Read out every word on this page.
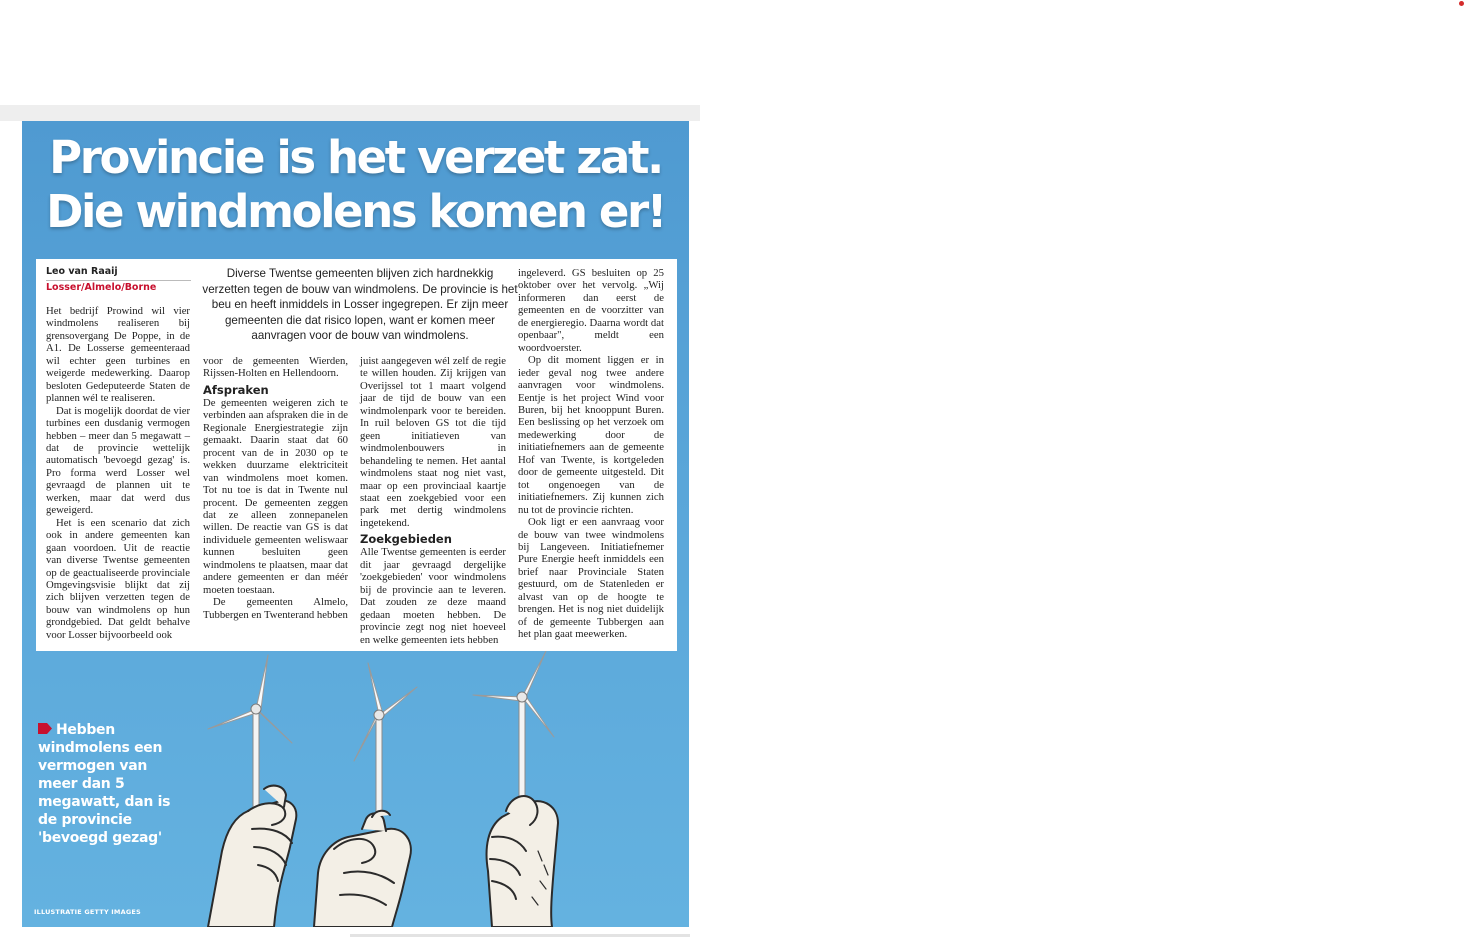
Provincie is het verzet zat.
Die windmolens komen er!
Leo van Raaij
Losser/Almelo/Borne
Diverse Twentse gemeenten blijven zich hardnekkig verzetten tegen de bouw van windmolens. De provincie is het beu en heeft inmiddels in Losser ingegrepen. Er zijn meer gemeenten die dat risico lopen, want er komen meer aanvragen voor de bouw van windmolens.

Het bedrijf Prowind wil vier windmolens realiseren bij grensovergang De Poppe, in de A1. De Losserse gemeenteraad wil echter geen turbines en weigerde medewerking. Daarop besloten Gedeputeerde Staten de plannen wél te realiseren.

Dat is mogelijk doordat de vier turbines een dusdanig vermogen hebben – meer dan 5 megawatt – dat de provincie wettelijk automatisch 'bevoegd gezag' is. Pro forma werd Losser wel gevraagd de plannen uit te werken, maar dat werd dus geweigerd.

Het is een scenario dat zich ook in andere gemeenten kan gaan voordoen. Uit de reactie van diverse Twentse gemeenten op de geactualiseerde provinciale Omgevingsvisie blijkt dat zij zich blijven verzetten tegen de bouw van windmolens op hun grondgebied. Dat geldt behalve voor Losser bijvoorbeeld ook

voor de gemeenten Wierden, Rijssen-Holten en Hellendoorn.

Afspraken

De gemeenten weigeren zich te verbinden aan afspraken die in de Regionale Energiestrategie zijn gemaakt. Daarin staat dat 60 procent van de in 2030 op te wekken duurzame elektriciteit van windmolens moet komen. Tot nu toe is dat in Twente nul procent. De gemeenten zeggen dat ze alleen zonnepanelen willen. De reactie van GS is dat individuele gemeenten weliswaar kunnen besluiten geen windmolens te plaatsen, maar dat andere gemeenten er dan méér moeten toestaan.

De gemeenten Almelo, Tubbergen en Twenterand hebben

juist aangegeven wél zelf de regie te willen houden. Zij krijgen van Overijssel tot 1 maart volgend jaar de tijd de bouw van een windmolenpark voor te bereiden. In ruil beloven GS tot die tijd geen initiatieven van windmolenbouwers in behandeling te nemen. Het aantal windmolens staat nog niet vast, maar op een provinciaal kaartje staat een zoekgebied voor een park met dertig windmolens ingetekend.

Zoekgebieden

Alle Twentse gemeenten is eerder dit jaar gevraagd dergelijke 'zoekgebieden' voor windmolens bij de provincie aan te leveren. Dat zouden ze deze maand gedaan moeten hebben. De provincie zegt nog niet hoeveel en welke gemeenten iets hebben

ingeleverd. GS besluiten op 25 oktober over het vervolg. „Wij informeren dan eerst de gemeenten en de voorzitter van de energieregio. Daarna wordt dat openbaar", meldt een woordvoerster.

Op dit moment liggen er in ieder geval nog twee andere aanvragen voor windmolens. Eentje is het project Wind voor Buren, bij het knooppunt Buren. Een beslissing op het verzoek om medewerking door de initiatiefnemers aan de gemeente Hof van Twente, is kortgeleden door de gemeente uitgesteld. Dit tot ongenoegen van de initiatiefnemers. Zij kunnen zich nu tot de provincie richten.

Ook ligt er een aanvraag voor de bouw van twee windmolens bij Langeveen. Initiatiefnemer Pure Energie heeft inmiddels een brief naar Provinciale Staten gestuurd, om de Statenleden er alvast van op de hoogte te brengen. Het is nog niet duidelijk of de gemeente Tubbergen aan het plan gaat meewerken.

Hebben windmolens een vermogen van meer dan 5 megawatt, dan is de provincie 'bevoegd gezag'
ILLUSTRATIE GETTY IMAGES
